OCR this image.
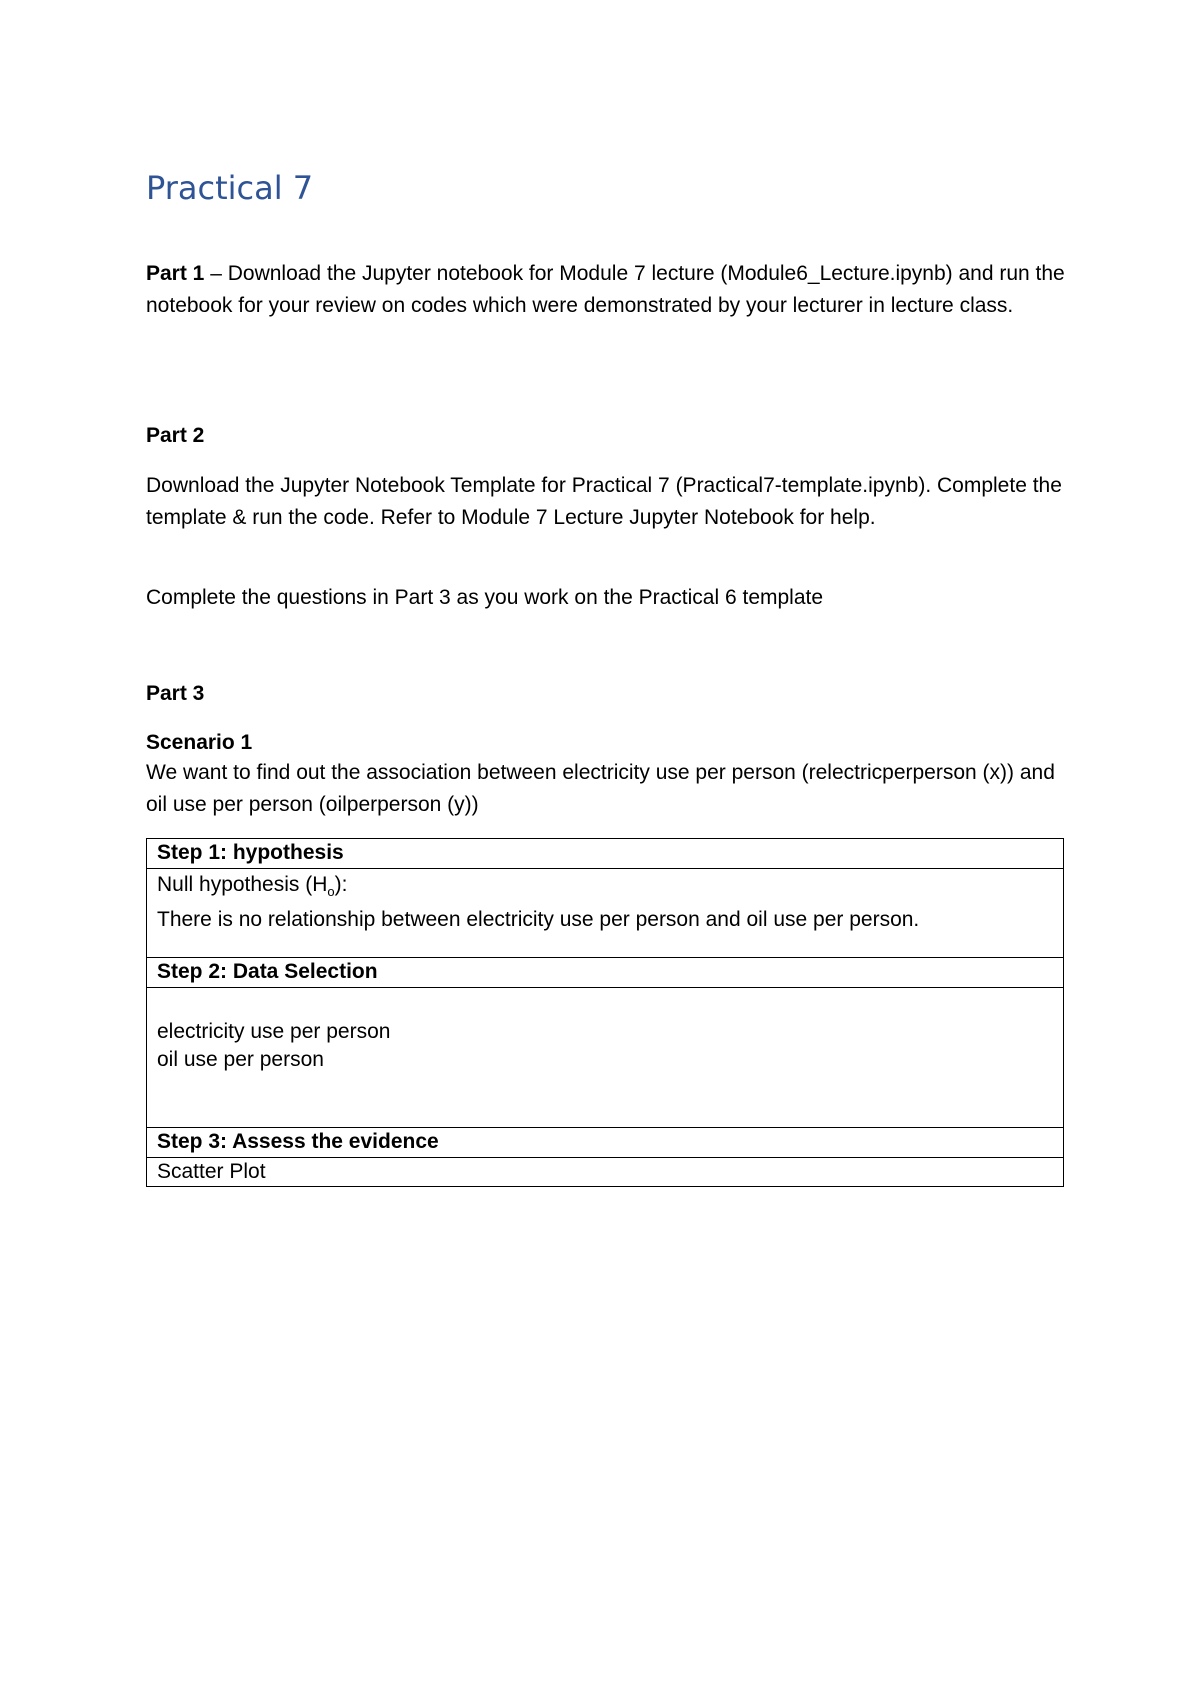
Practical 7

Part 1 – Download the Jupyter notebook for Module 7 lecture (Module6_Lecture.ipynb) and run the notebook for your review on codes which were demonstrated by your lecturer in lecture class.

Part 2

Download the Jupyter Notebook Template for Practical 7 (Practical7-template.ipynb). Complete the template & run the code. Refer to Module 7 Lecture Jupyter Notebook for help.

Complete the questions in Part 3 as you work on the Practical 6 template

Part 3

Scenario 1

We want to find out the association between electricity use per person (relectricperperson (x)) and oil use per person (oilperperson (y))

Step 1: hypothesis

Null hypothesis $(H_o)$:
There is no relationship between electricity use per person and oil use per person.

Step 2: Data Selection

electricity use per person
oil use per person

Step 3: Assess the evidence
Scatter Plot
